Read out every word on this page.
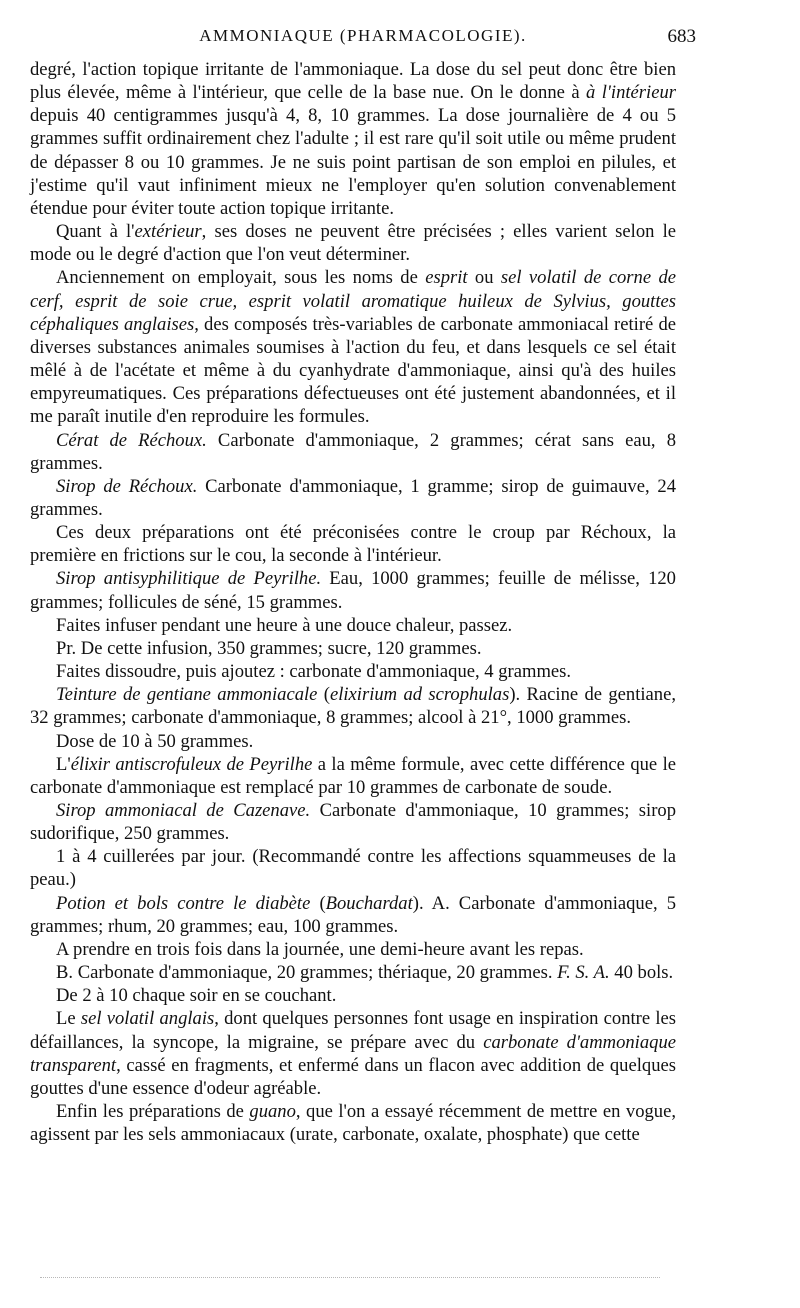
AMMONIAQUE (PHARMACOLOGIE).	683

degré, l'action topique irritante de l'ammoniaque. La dose du sel peut donc être bien plus élevée, même à l'intérieur, que celle de la base nue. On le donne à à l'intérieur depuis 40 centigrammes jusqu'à 4, 8, 10 grammes. La dose journalière de 4 ou 5 grammes suffit ordinairement chez l'adulte ; il est rare qu'il soit utile ou même prudent de dépasser 8 ou 10 grammes. Je ne suis point partisan de son emploi en pilules, et j'estime qu'il vaut infiniment mieux ne l'employer qu'en solution convenablement étendue pour éviter toute action topique irritante.

Quant à l'extérieur, ses doses ne peuvent être précisées ; elles varient selon le mode ou le degré d'action que l'on veut déterminer.

Anciennement on employait, sous les noms de esprit ou sel volatil de corne de cerf, esprit de soie crue, esprit volatil aromatique huileux de Sylvius, gouttes céphaliques anglaises, des composés très-variables de carbonate ammoniacal retiré de diverses substances animales soumises à l'action du feu, et dans lesquels ce sel était mêlé à de l'acétate et même à du cyanhydrate d'ammoniaque, ainsi qu'à des huiles empyreumatiques. Ces préparations défectueuses ont été justement abandonnées, et il me paraît inutile d'en reproduire les formules.

Cérat de Réchoux. Carbonate d'ammoniaque, 2 grammes; cérat sans eau, 8 grammes.

Sirop de Réchoux. Carbonate d'ammoniaque, 1 gramme; sirop de guimauve, 24 grammes.

Ces deux préparations ont été préconisées contre le croup par Réchoux, la première en frictions sur le cou, la seconde à l'intérieur.

Sirop antisyphilitique de Peyrilhe. Eau, 1000 grammes; feuille de mélisse, 120 grammes; follicules de séné, 15 grammes.

Faites infuser pendant une heure à une douce chaleur, passez.

Pr. De cette infusion, 350 grammes; sucre, 120 grammes.

Faites dissoudre, puis ajoutez : carbonate d'ammoniaque, 4 grammes.

Teinture de gentiane ammoniacale (elixirium ad scrophulas). Racine de gentiane, 32 grammes; carbonate d'ammoniaque, 8 grammes; alcool à 21°, 1000 grammes.

Dose de 10 à 50 grammes.

L'élixir antiscrofuleux de Peyrilhe a la même formule, avec cette différence que le carbonate d'ammoniaque est remplacé par 10 grammes de carbonate de soude.

Sirop ammoniacal de Cazenave. Carbonate d'ammoniaque, 10 grammes; sirop sudorifique, 250 grammes.

1 à 4 cuillerées par jour. (Recommandé contre les affections squammeuses de la peau.)

Potion et bols contre le diabète (Bouchardat). A. Carbonate d'ammoniaque, 5 grammes; rhum, 20 grammes; eau, 100 grammes.

A prendre en trois fois dans la journée, une demi-heure avant les repas.

B. Carbonate d'ammoniaque, 20 grammes; thériaque, 20 grammes. F. S. A. 40 bols.

De 2 à 10 chaque soir en se couchant.

Le sel volatil anglais, dont quelques personnes font usage en inspiration contre les défaillances, la syncope, la migraine, se prépare avec du carbonate d'ammoniaque transparent, cassé en fragments, et enfermé dans un flacon avec addition de quelques gouttes d'une essence d'odeur agréable.

Enfin les préparations de guano, que l'on a essayé récemment de mettre en vogue, agissent par les sels ammoniacaux (urate, carbonate, oxalate, phosphate) que cette
